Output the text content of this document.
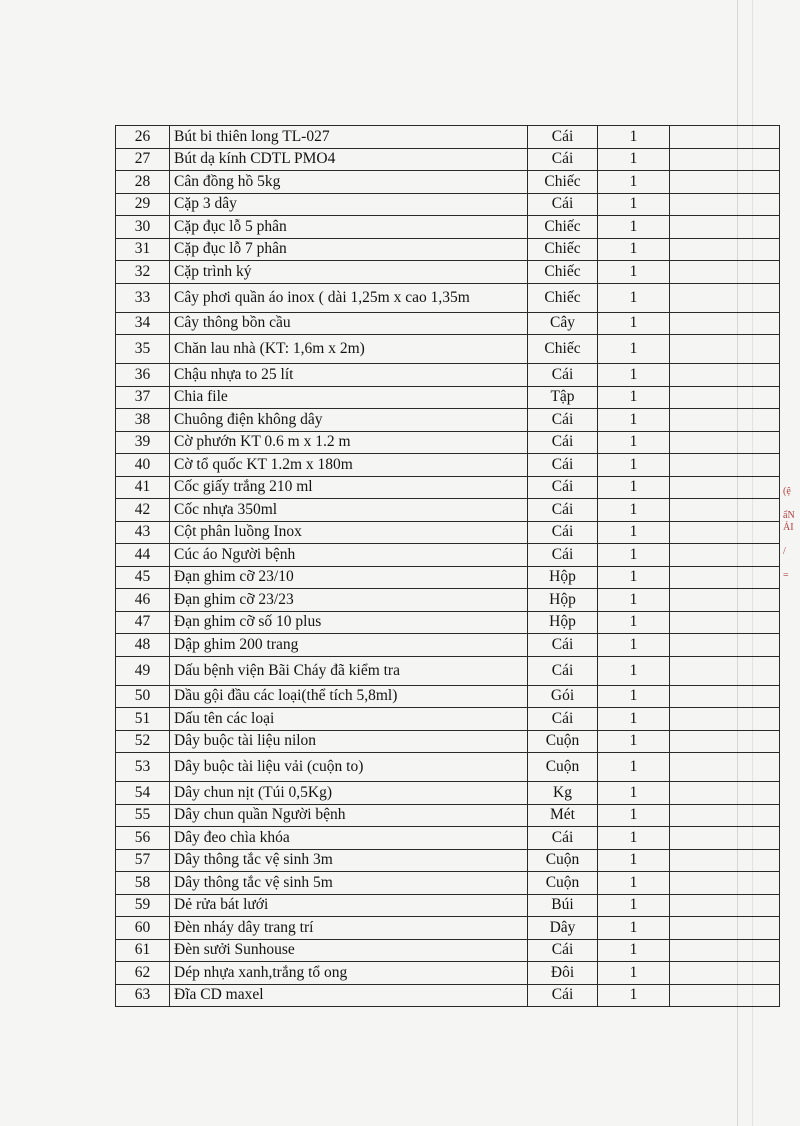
(ệ

ẩN
ẢI

/

=
26	Bút bi thiên long TL-027	Cái	1	
27	Bút dạ kính CDTL PMO4	Cái	1	
28	Cân đồng hồ 5kg	Chiếc	1	
29	Cặp 3 dây	Cái	1	
30	Cặp đục lỗ 5 phân	Chiếc	1	
31	Cặp đục lỗ 7 phân	Chiếc	1	
32	Cặp trình ký	Chiếc	1	
33	Cây phơi quần áo inox ( dài 1,25m x cao 1,35m	Chiếc	1	
34	Cây thông bồn cầu	Cây	1	
35	Chăn lau nhà (KT: 1,6m x 2m)	Chiếc	1	
36	Chậu nhựa to 25 lít	Cái	1	
37	Chia file	Tập	1	
38	Chuông điện không dây	Cái	1	
39	Cờ phướn KT 0.6 m x 1.2 m	Cái	1	
40	Cờ tổ quốc KT 1.2m x 180m	Cái	1	
41	Cốc giấy trắng 210 ml	Cái	1	
42	Cốc nhựa 350ml	Cái	1	
43	Cột phân luồng Inox	Cái	1	
44	Cúc áo Người bệnh	Cái	1	
45	Đạn ghim cỡ 23/10	Hộp	1	
46	Đạn ghim cỡ 23/23	Hộp	1	
47	Đạn ghim cỡ số 10 plus	Hộp	1	
48	Dập ghim 200 trang	Cái	1	
49	Dấu bệnh viện Bãi Cháy đã kiểm tra	Cái	1	
50	Dầu gội đầu các loại(thể tích 5,8ml)	Gói	1	
51	Dấu tên các loại	Cái	1	
52	Dây buộc tài liệu nilon	Cuộn	1	
53	Dây buộc tài liệu vải (cuộn to)	Cuộn	1	
54	Dây chun nịt (Túi 0,5Kg)	Kg	1	
55	Dây chun quần Người bệnh	Mét	1	
56	Dây đeo chìa khóa	Cái	1	
57	Dây thông tắc vệ sinh 3m	Cuộn	1	
58	Dây thông tắc vệ sinh 5m	Cuộn	1	
59	Dẻ rửa bát lưới	Búi	1	
60	Đèn nháy dây trang trí	Dây	1	
61	Đèn sưởi Sunhouse	Cái	1	
62	Dép nhựa xanh,trắng tổ ong	Đôi	1	
63	Đĩa CD maxel	Cái	1	
